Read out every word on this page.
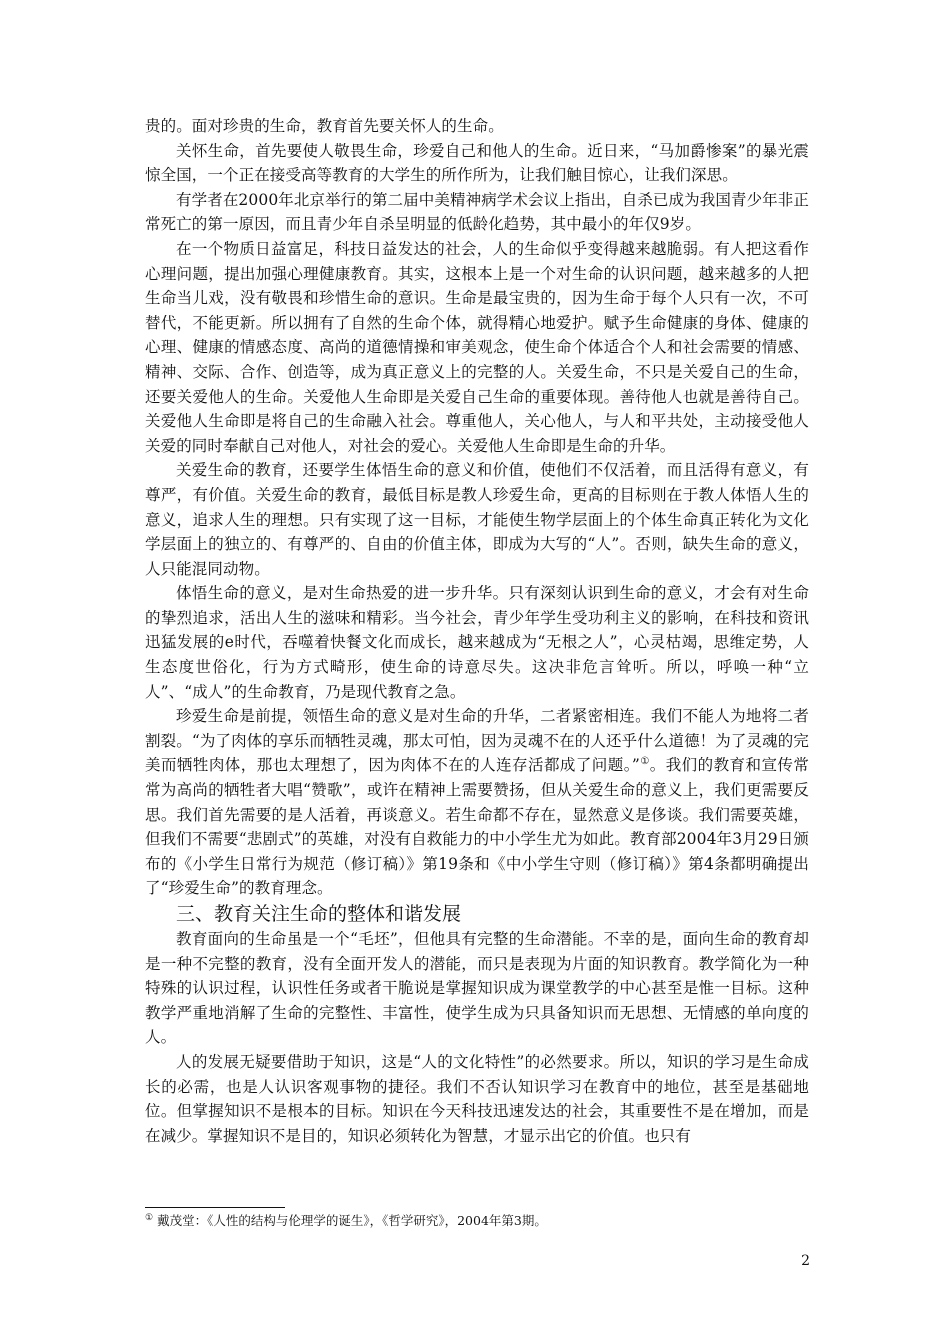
贵的。面对珍贵的生命，教育首先要关怀人的生命。

关怀生命，首先要使人敬畏生命，珍爱自己和他人的生命。近日来，“马加爵惨案”的暴光震惊全国，一个正在接受高等教育的大学生的所作所为，让我们触目惊心，让我们深思。

有学者在2000年北京举行的第二届中美精神病学术会议上指出，自杀已成为我国青少年非正常死亡的第一原因，而且青少年自杀呈明显的低龄化趋势，其中最小的年仅9岁。

在一个物质日益富足，科技日益发达的社会，人的生命似乎变得越来越脆弱。有人把这看作心理问题，提出加强心理健康教育。其实，这根本上是一个对生命的认识问题，越来越多的人把生命当儿戏，没有敬畏和珍惜生命的意识。生命是最宝贵的，因为生命于每个人只有一次，不可替代，不能更新。所以拥有了自然的生命个体，就得精心地爱护。赋予生命健康的身体、健康的心理、健康的情感态度、高尚的道德情操和审美观念，使生命个体适合个人和社会需要的情感、精神、交际、合作、创造等，成为真正意义上的完整的人。关爱生命，不只是关爱自己的生命，还要关爱他人的生命。关爱他人生命即是关爱自己生命的重要体现。善待他人也就是善待自己。关爱他人生命即是将自己的生命融入社会。尊重他人，关心他人，与人和平共处，主动接受他人关爱的同时奉献自己对他人，对社会的爱心。关爱他人生命即是生命的升华。

关爱生命的教育，还要学生体悟生命的意义和价值，使他们不仅活着，而且活得有意义，有尊严，有价值。关爱生命的教育，最低目标是教人珍爱生命，更高的目标则在于教人体悟人生的意义，追求人生的理想。只有实现了这一目标，才能使生物学层面上的个体生命真正转化为文化学层面上的独立的、有尊严的、自由的价值主体，即成为大写的“人”。否则，缺失生命的意义，人只能混同动物。

体悟生命的意义，是对生命热爱的进一步升华。只有深刻认识到生命的意义，才会有对生命的挚烈追求，活出人生的滋味和精彩。当今社会，青少年学生受功利主义的影响，在科技和资讯迅猛发展的e时代，吞噬着快餐文化而成长，越来越成为“无根之人”，心灵枯竭，思维定势，人生态度世俗化，行为方式畸形，使生命的诗意尽失。这决非危言耸听。所以，呼唤一种“立人”、“成人”的生命教育，乃是现代教育之急。

珍爱生命是前提，领悟生命的意义是对生命的升华，二者紧密相连。我们不能人为地将二者割裂。“为了肉体的享乐而牺牲灵魂，那太可怕，因为灵魂不在的人还乎什么道德！为了灵魂的完美而牺牲肉体，那也太理想了，因为肉体不在的人连存活都成了问题。”①。我们的教育和宣传常常为高尚的牺牲者大唱“赞歌”，或许在精神上需要赞扬，但从关爱生命的意义上，我们更需要反思。我们首先需要的是人活着，再谈意义。若生命都不存在，显然意义是侈谈。我们需要英雄，但我们不需要“悲剧式”的英雄，对没有自救能力的中小学生尤为如此。教育部2004年3月29日颁布的《小学生日常行为规范（修订稿）》第19条和《中小学生守则（修订稿）》第4条都明确提出了“珍爱生命”的教育理念。

三、教育关注生命的整体和谐发展

教育面向的生命虽是一个“毛坯”，但他具有完整的生命潜能。不幸的是，面向生命的教育却是一种不完整的教育，没有全面开发人的潜能，而只是表现为片面的知识教育。教学简化为一种特殊的认识过程，认识性任务或者干脆说是掌握知识成为课堂教学的中心甚至是惟一目标。这种教学严重地消解了生命的完整性、丰富性，使学生成为只具备知识而无思想、无情感的单向度的人。

人的发展无疑要借助于知识，这是“人的文化特性”的必然要求。所以，知识的学习是生命成长的必需，也是人认识客观事物的捷径。我们不否认知识学习在教育中的地位，甚至是基础地位。但掌握知识不是根本的目标。知识在今天科技迅速发达的社会，其重要性不是在增加，而是在减少。掌握知识不是目的，知识必须转化为智慧，才显示出它的价值。也只有

① 戴茂堂：《人性的结构与伦理学的诞生》，《哲学研究》，2004年第3期。

2
